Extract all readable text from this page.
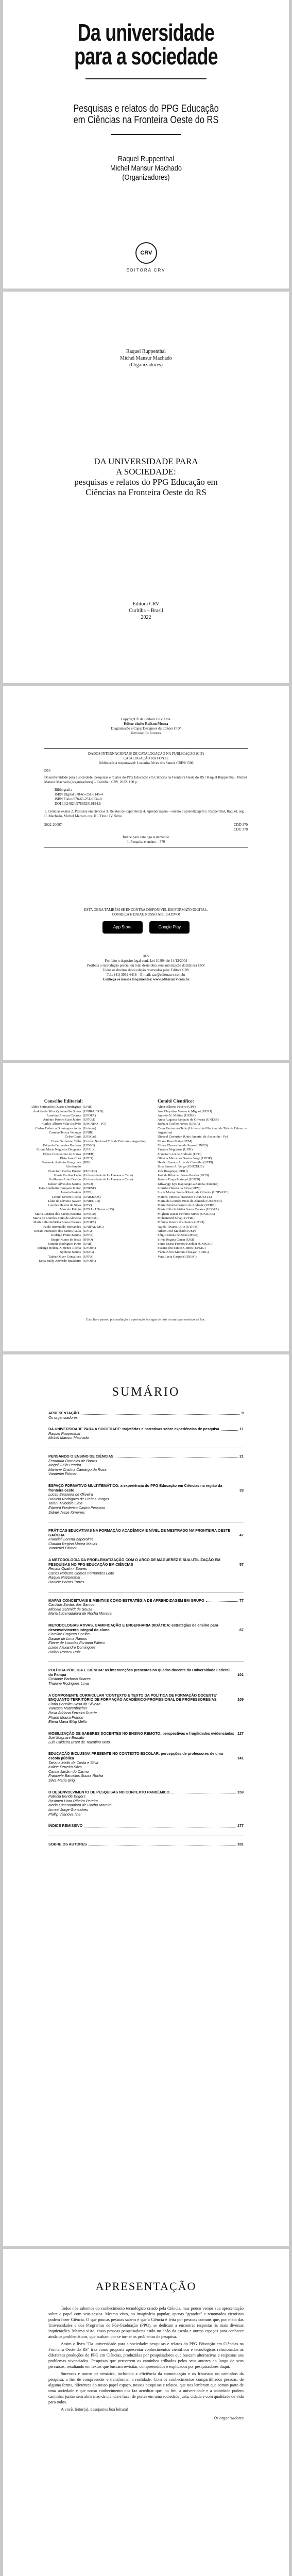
Da universidade
para a sociedade
Pesquisas e relatos do PPG Educação
em Ciências na Fronteira Oeste do RS
Raquel Ruppenthal
Michel Mansur Machado
(Organizadores)
CRV
EDITORA CRV
Raquel Ruppenthal
Michel Mansur Machado
(Organizadores)
DA UNIVERSIDADE PARA
A SOCIEDADE:
pesquisas e relatos do PPG Educação em
Ciências na Fronteira Oeste do RS
Editora CRV
Curitiba – Brasil
2022
Copyright © da Editora CRV Ltda.
Editor-chefe: Railson Moura
Diagramação e Capa: Designers da Editora CRV
Revisão: Os Autores
DADOS INTERNACIONAIS DE CATALOGAÇÃO NA PUBLICAÇÃO (CIP)
CATALOGAÇÃO NA FONTE
Bibliotecária responsável: Luzenira Alves dos Santos CRB9/1506
D54
Da universidade para a sociedade: pesquisas e relatos do PPG Educação em Ciências na Fronteira Oeste do RS / Raquel Ruppenthal, Michel Mansur Machado (organizadores) – Curitiba : CRV, 2022. 190 p.
Bibliografia
ISBN Digital 978-65-251-9145-4
ISBN Físico 978-65-251-9134-8
DOI 10.24824/978652519134.8
1. Ciências exatas 2. Pesquisa em ciências 3. Relatos de experiência 4. Aprendizagem – ensino e aprendizagem I. Ruppenthal, Raquel, org. II. Machado, Michel Mansur, org. III. Título IV. Série.
2022-20097	CDD 370
CDU 370
Índice para catálogo sistemático
1. Pesquisa e ensino – 370
ESTA OBRA TAMBÉM SE ENCONTRA DISPONÍVEL EM FORMATO DIGITAL.
CONHEÇA E BAIXE NOSSO APLICATIVO!
App Store	Google Play
2022
Foi feito o depósito legal conf. Lei 10.994 de 14/12/2004
Proibida a reprodução parcial ou total desta obra sem autorização da Editora CRV
Todos os direitos desta edição reservados pela: Editora CRV
Tel.: (41) 3039-6418 – E-mail: sac@editoracrv.com.br
Conheça os nossos lançamentos: www.editoracrv.com.br
Conselho Editorial:
Aldira Guimarães Duarte Domínguez (UNB)
Andréia da Silva Quintanilha Sousa (UNIR/UFRN)
Anselmo Alencar Colares (UFOPA)
Antônio Pereira Gaio Júnior (UFRRJ)
Carlos Alberto Vilar Estêvão (UMINHO – PT)
Carlos Federico Domínguez Avila (Unieuro)
Carmen Tereza Velanga (UNIR)
Celso Conti (UFSCar)
Cesar Gerónimo Tello (Univer. Nacional Três de Febrero – Argentina)
Eduardo Fernandes Barbosa (UFMG)
Elione Maria Nogueira Diogenes (UFAL)
Elizeu Clementino de Souza (UNEB)
Élsio José Corá (UFFS)
Fernando Antônio Gonçalves Alcoforado
(IPB)
Francisco Carlos Duarte (PUC-PR)
Gloria Fariñas León (Universidade de La Havana – Cuba)
Guillermo Arias Beatón (Universidade de La Havana – Cuba)
Jailson Alves dos Santos (UFRJ)
João Adalberto Campato Junior (UNESP)
Josania Portela (UFPI)
Leonel Severo Rocha (UNISINOS)
Lídia de Oliveira Xavier (UNIEURO)
Lourdes Helena da Silva (UFV)
Marcelo Paixão (UFRJ e UTexas – US)
Maria Cristina dos Santos Bezerra (UFSCar)
Maria de Lourdes Pinto de Almeida (UNOESC)
Maria Lília Imbiriba Sousa Colares (UFOPA)
Paulo Romualdo Hernandes (UNIFAL-MG)
Renato Francisco dos Santos Paula (UFG)
Rodrigo Pratte-Santos (UFES)
Sérgio Nunes de Jesus (IFRO)
Simone Rodrigues Pinto (UNB)
Solange Helena Ximenes-Rocha (UFOPA)
Sydione Santos (UEPG)
Tadeu Oliver Gonçalves (UFPA)
Tania Suely Azevedo Brasileiro (UFOPA)
Comitê Científico:
Altair Alberto Fávero (UPF)
Ana Chrystina Venancio Mignot (UERJ)
Andréia N. Militão (UEMS)
Anna Augusta Sampaio de Oliveira (UNESP)
Barbara Coelho Neves (UFBA)
Cesar Gerónimo Tello (Universidad Nacional de Três de Febrero – Argentina)
Diosnel Centurion (Univ Americ. de Asunción – Py)
Eliane Rose Maio (UEM)
Elizeu Clementino de Souza (UNEB)
Fauston Negreiros (UFPI)
Francisco Ari de Andrade (UFC)
Gláucia Maria dos Santos Jorge (UFOP)
Helder Buenos Aires de Carvalho (UFPI)
Ilma Passos A. Veiga (UNICEUB)
Inês Bragança (UERJ)
José de Ribamar Sousa Pereira (UCB)
Jussara Fraga Portugal (UNEB)
Kilwangy Kya Kapitango-a-Samba (Unemat)
Lourdes Helena da Silva (UFV)
Lucia Marisy Souza Ribeiro de Oliveira (UNIVASF)
Marcos Vinicius Francisco (UNOESTE)
Maria de Lourdes Pinto de Almeida (UNOESC)
Maria Eurácia Barreto de Andrade (UFRB)
Maria Lília Imbiriba Sousa Colares (UFOPA)
Míghian Danae Ferreira Nunes (UNILAB)
Mohammed Elhajji (UFRJ)
Mônica Pereira dos Santos (UFRJ)
Najela Tavares Ujiie (UTFPR)
Nilson José Machado (USP)
Sérgio Nunes de Jesus (IFRO)
Silvia Regina Canan (URI)
Sonia Maria Ferreira Koehler (UNISAL)
Suzana dos Santos Gomes (UFMG)
Vânia Alves Martins Chaigar (FURG)
Vera Lucia Gaspar (UDESC)
Este livro passou por avaliação e aprovação às cegas de dois ou mais pareceristas ad hoc.
SUMÁRIO
APRESENTAÇÃO	9
Os organizadores
DA UNIVERSIDADE PARA A SOCIEDADE: trajetórias e narrativas sobre experiências de pesquisa	11
Raquel Ruppenthal
Michel Mansur Machado
PENSANDO O ENSINO DE CIÊNCIAS	21
Fernanda Dorneles de Barros
Magali Félix Pereira
Mariane Cristina Camargo da Rosa
Vanderlei Folmer
ESPAÇO FORMATIVO MULTITEMÁTICO: a experiência do PPG Educação em Ciências na região da fronteira oeste	33
Lucas Sequeira de Oliveira
Daniela Rodrigues de Freitas Vargas
Taiani Thiodalo Lima
Edward Frederico Castro Pessano
Sidnei Jessé Ximenes
PRÁTICAS EDUCATIVAS NA FORMAÇÃO ACADÊMICA E NÍVEL DE MESTRADO NA FRONTEIRA OESTE GAÚCHA	47
Francieli Lorena Zaporolrss
Claudia Regina Moura Matias
Vanderlei Folmer
A METODOLOGIA DA PROBLEMATIZAÇÃO COM O ARCO DE MAGUEREZ E SUA UTILIZAÇÃO EM PESQUISAS NO PPG EDUCAÇÃO EM CIÊNCIAS	57
Renata Quatrini Soares
Carlos Roberto Gomes Fernandes Leite
Raquel Ruppenthal
Daniele Barros Torres
MAPAS CONCEITUAIS E MENTAIS COMO ESTRATÉGIA DE APRENDIZAGEM EM GRUPO	77
Caroline Santos dos Santos
Michele Schmidt de Souza
Maria Lucenadaiara de Rocha Moreira
METODOLOGIAS ATIVAS, GAMIFICAÇÃO E ENGENHARIA DIDÁTICA: estratégias de ensino para desenvolvimento integral do aluno	87
Caroline Cogieco Coelho
Daiane de Lima Ramos
Eliane de Lourdes Fontana Piffero
Lizete Alexandre Domingues
Rafael Romeu Ruiz
POLÍTICA PÚBLICA E CIÊNCIA: as intervenções presentes no quadro docente da Universidade Federal do Pampa	101
Cristiane Barbosa Soares
Thaiane Rodrigues Lima
A COMPONENTE CURRICULAR 'CONTEXTO E TEXTO DA POLÍTICA DE FORMAÇÃO DOCENTE' ENQUANTO TERRITÓRIO DE FORMAÇÃO ACADÊMICO-PROFISSIONAL DE PROFESSORES/AS	109
Cintia Bertolim Rosa da Silveira
Vanessa Matzenbacher
Rosa Adriana Ferreira Duarte
Phaon Moura Franco
Elena Maria Billig Mello
MOBILIZAÇÃO DE SABERES DOCENTES NO ENSINO REMOTO: perspectivas e fragilidades evidenciadas 127
Joel Magnani Brusato
Luiz Caldeira Brant de Tolentino Neto
EDUCAÇÃO INCLUSIVA PRESENTE NO CONTEXTO ESCOLAR: percepções de professores de uma escola pública	141
Tatiana Mello de Costa e Silva
Kaline Ferreira Silva
Carine Jardim do Carmo
Franciele Barcellos Souza Rocha
Silva Maria Grig
O DESENVOLVIMENTO DE PESQUISAS NO CONTEXTO PANDÊMICO	159
Patrícia Bende Engers
Rosimeri Hora Ribeiro Pereira
Maria Lucenadaiara de Rocha Moreira
Ismael Jorge Gonsalves
Phillip Vilanova Ilha
ÍNDICE REMISSIVO	177
SOBRE OS AUTORES	181
APRESENTAÇÃO

Todos nós sabemos do conhecimento tecnológico criado pela Ciência, mas pouco vemos sua apresentação sobre o papel com seus textos. Mesmo visto, no imaginário popular, apenas "grandes" e renomados cientistas podem fazer Ciência. O que poucas pessoas sabem é que a Ciência é feita por pessoas comuns que, por meio das Universidades e dos Programas de Pós-Graduação (PPG), se dedicam a encontrar respostas às mais diversas inquietações. Mesmo visto, essas pessoas pesquisadoras estão no chão da escola e outros espaços para conhecer ainda os problemáticos, que acabam por se tornar os problemas de pesquisa.

Assim o livro "Da universidade para a sociedade: pesquisas e relatos do PPG Educação em Ciências na Fronteira Oeste do RS" traz como proposta apresentar conhecimentos científicos e tecnológicos relacionados às diferentes produções do PPG em Ciências, produzidas por pesquisadores que buscam alternativas e respostas aos problemas vivenciados. Pesquisas que percorrem os caminhos trilhados pelos seus autores ao longo de seus percursos, resultando em textos que buscam revisitar, compreendidos e explicados por pesquisadores daqui.

Sucessos e outros de temática, incluindo a eficiência da comunicação e os fracassos no caminhos da pesquisa, a fim de compreender e transformar a realidade. Com os conhecimentos compartilhados pessoas, de alguma forma, diferentes do nosso papel espaço, nossas pesquisas e relatos, que nos lembram que somos parte de uma sociedade e que nosso conhecimento nos faz acreditar que, no fim, a universidade e a sociedade podem caminhar juntas sem abrir mão da ciência e fazer de portes em uma sociedade justa, cidadã e com qualidade de vida para todos.

A você, leitor(a), desejamos boa leitura!

Os organizadores
